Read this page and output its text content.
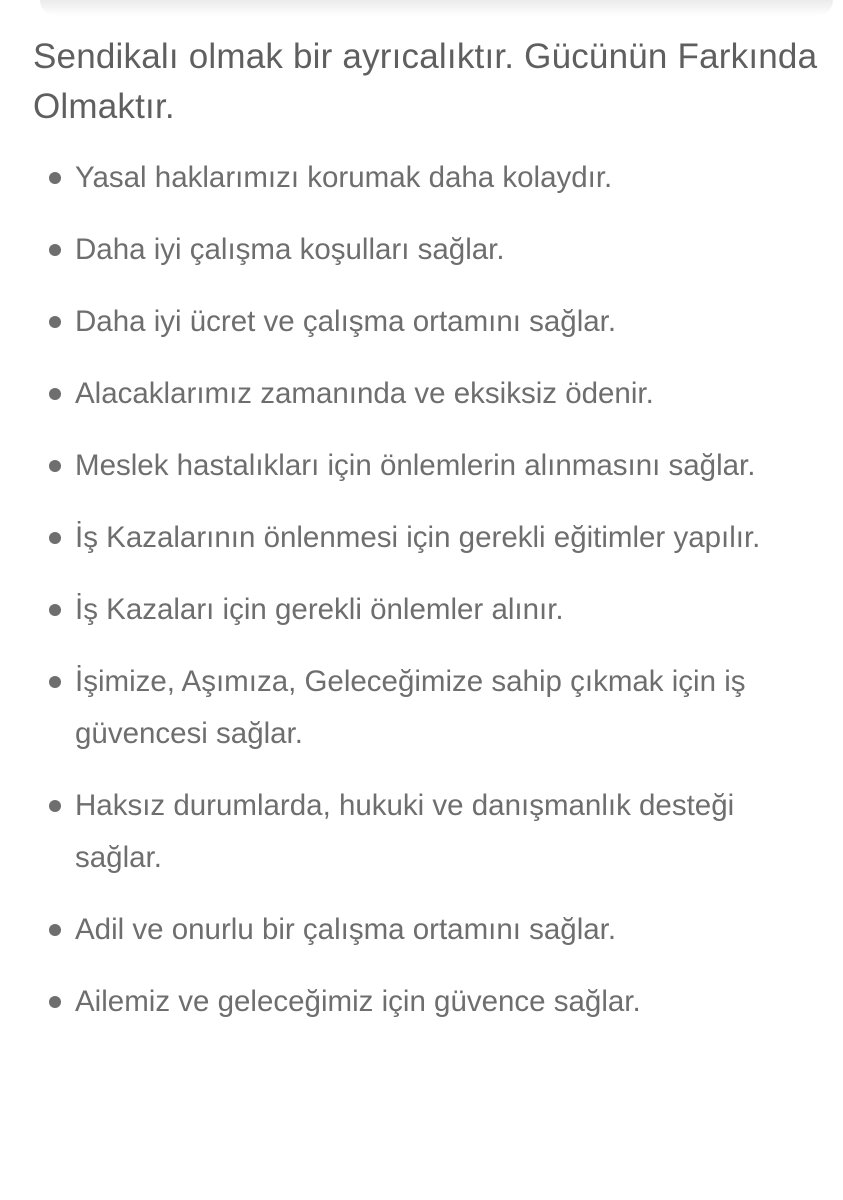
Sendikalı olmak bir ayrıcalıktır. Gücünün Farkında Olmaktır.
Yasal haklarımızı korumak daha kolaydır.
Daha iyi çalışma koşulları sağlar.
Daha iyi ücret ve çalışma ortamını sağlar.
Alacaklarımız zamanında ve eksiksiz ödenir.
Meslek hastalıkları için önlemlerin alınmasını sağlar.
İş Kazalarının önlenmesi için gerekli eğitimler yapılır.
İş Kazaları için gerekli önlemler alınır.
İşimize, Aşımıza, Geleceğimize sahip çıkmak için iş güvencesi sağlar.
Haksız durumlarda, hukuki ve danışmanlık desteği sağlar.
Adil ve onurlu bir çalışma ortamını sağlar.
Ailemiz ve geleceğimiz için güvence sağlar.
